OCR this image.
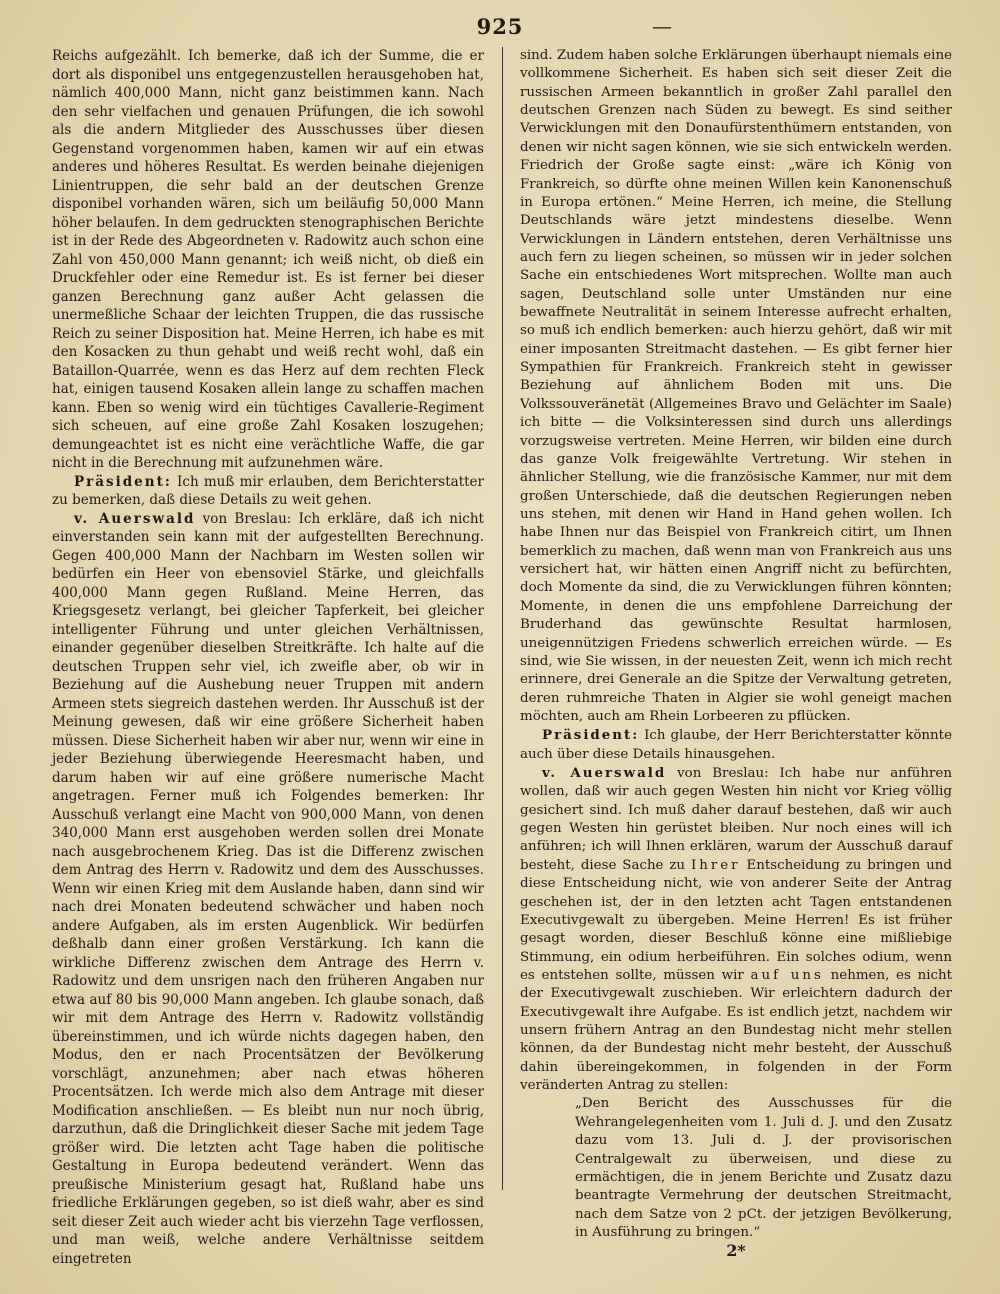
925	—

Reichs aufgezählt. Ich bemerke, daß ich der Summe, die er dort als disponibel uns entgegenzustellen herausgehoben hat, nämlich 400,000 Mann, nicht ganz beistimmen kann. Nach den sehr vielfachen und genauen Prüfungen, die ich sowohl als die andern Mitglieder des Ausschusses über diesen Gegenstand vorgenommen haben, kamen wir auf ein etwas anderes und höheres Resultat. Es werden beinahe diejenigen Linientruppen, die sehr bald an der deutschen Grenze disponibel vorhanden wären, sich um beiläufig 50,000 Mann höher belaufen. In dem gedruckten stenographischen Berichte ist in der Rede des Abgeordneten v. Radowitz auch schon eine Zahl von 450,000 Mann genannt; ich weiß nicht, ob dieß ein Druckfehler oder eine Remedur ist. Es ist ferner bei dieser ganzen Berechnung ganz außer Acht gelassen die unermeßliche Schaar der leichten Truppen, die das russische Reich zu seiner Disposition hat. Meine Herren, ich habe es mit den Kosacken zu thun gehabt und weiß recht wohl, daß ein Bataillon-Quarrée, wenn es das Herz auf dem rechten Fleck hat, einigen tausend Kosaken allein lange zu schaffen machen kann. Eben so wenig wird ein tüchtiges Cavallerie-Regiment sich scheuen, auf eine große Zahl Kosaken loszugehen; demungeachtet ist es nicht eine verächtliche Waffe, die gar nicht in die Berechnung mit aufzunehmen wäre.

Präsident: Ich muß mir erlauben, dem Berichterstatter zu bemerken, daß diese Details zu weit gehen.

v. Auerswald von Breslau: Ich erkläre, daß ich nicht einverstanden sein kann mit der aufgestellten Berechnung. Gegen 400,000 Mann der Nachbarn im Westen sollen wir bedürfen ein Heer von ebensoviel Stärke, und gleichfalls 400,000 Mann gegen Rußland. Meine Herren, das Kriegsgesetz verlangt, bei gleicher Tapferkeit, bei gleicher intelligenter Führung und unter gleichen Verhältnissen, einander gegenüber dieselben Streitkräfte. Ich halte auf die deutschen Truppen sehr viel, ich zweifle aber, ob wir in Beziehung auf die Aushebung neuer Truppen mit andern Armeen stets siegreich dastehen werden. Ihr Ausschuß ist der Meinung gewesen, daß wir eine größere Sicherheit haben müssen. Diese Sicherheit haben wir aber nur, wenn wir eine in jeder Beziehung überwiegende Heeresmacht haben, und darum haben wir auf eine größere numerische Macht angetragen. Ferner muß ich Folgendes bemerken: Ihr Ausschuß verlangt eine Macht von 900,000 Mann, von denen 340,000 Mann erst ausgehoben werden sollen drei Monate nach ausgebrochenem Krieg. Das ist die Differenz zwischen dem Antrag des Herrn v. Radowitz und dem des Ausschusses. Wenn wir einen Krieg mit dem Auslande haben, dann sind wir nach drei Monaten bedeutend schwächer und haben noch andere Aufgaben, als im ersten Augenblick. Wir bedürfen deßhalb dann einer großen Verstärkung. Ich kann die wirkliche Differenz zwischen dem Antrage des Herrn v. Radowitz und dem unsrigen nach den früheren Angaben nur etwa auf 80 bis 90,000 Mann angeben. Ich glaube sonach, daß wir mit dem Antrage des Herrn v. Radowitz vollständig übereinstimmen, und ich würde nichts dagegen haben, den Modus, den er nach Procentsätzen der Bevölkerung vorschlägt, anzunehmen; aber nach etwas höheren Procentsätzen. Ich werde mich also dem Antrage mit dieser Modification anschließen. — Es bleibt nun nur noch übrig, darzuthun, daß die Dringlichkeit dieser Sache mit jedem Tage größer wird. Die letzten acht Tage haben die politische Gestaltung in Europa bedeutend verändert. Wenn das preußische Ministerium gesagt hat, Rußland habe uns friedliche Erklärungen gegeben, so ist dieß wahr, aber es sind seit dieser Zeit auch wieder acht bis vierzehn Tage verflossen, und man weiß, welche andere Verhältnisse seitdem eingetreten

sind. Zudem haben solche Erklärungen überhaupt niemals eine vollkommene Sicherheit. Es haben sich seit dieser Zeit die russischen Armeen bekanntlich in großer Zahl parallel den deutschen Grenzen nach Süden zu bewegt. Es sind seither Verwicklungen mit den Donaufürstenthümern entstanden, von denen wir nicht sagen können, wie sie sich entwickeln werden. Friedrich der Große sagte einst: „wäre ich König von Frankreich, so dürfte ohne meinen Willen kein Kanonenschuß in Europa ertönen.“ Meine Herren, ich meine, die Stellung Deutschlands wäre jetzt mindestens dieselbe. Wenn Verwicklungen in Ländern entstehen, deren Verhältnisse uns auch fern zu liegen scheinen, so müssen wir in jeder solchen Sache ein entschiedenes Wort mitsprechen. Wollte man auch sagen, Deutschland solle unter Umständen nur eine bewaffnete Neutralität in seinem Interesse aufrecht erhalten, so muß ich endlich bemerken: auch hierzu gehört, daß wir mit einer imposanten Streitmacht dastehen. — Es gibt ferner hier Sympathien für Frankreich. Frankreich steht in gewisser Beziehung auf ähnlichem Boden mit uns. Die Volkssouveränetät (Allgemeines Bravo und Gelächter im Saale) ich bitte — die Volksinteressen sind durch uns allerdings vorzugsweise vertreten. Meine Herren, wir bilden eine durch das ganze Volk freigewählte Vertretung. Wir stehen in ähnlicher Stellung, wie die französische Kammer, nur mit dem großen Unterschiede, daß die deutschen Regierungen neben uns stehen, mit denen wir Hand in Hand gehen wollen. Ich habe Ihnen nur das Beispiel von Frankreich citirt, um Ihnen bemerklich zu machen, daß wenn man von Frankreich aus uns versichert hat, wir hätten einen Angriff nicht zu befürchten, doch Momente da sind, die zu Verwicklungen führen könnten; Momente, in denen die uns empfohlene Darreichung der Bruderhand das gewünschte Resultat harmlosen, uneigennützigen Friedens schwerlich erreichen würde. — Es sind, wie Sie wissen, in der neuesten Zeit, wenn ich mich recht erinnere, drei Generale an die Spitze der Verwaltung getreten, deren ruhmreiche Thaten in Algier sie wohl geneigt machen möchten, auch am Rhein Lorbeeren zu pflücken.

Präsident: Ich glaube, der Herr Berichterstatter könnte auch über diese Details hinausgehen.

v. Auerswald von Breslau: Ich habe nur anführen wollen, daß wir auch gegen Westen hin nicht vor Krieg völlig gesichert sind. Ich muß daher darauf bestehen, daß wir auch gegen Westen hin gerüstet bleiben. Nur noch eines will ich anführen; ich will Ihnen erklären, warum der Ausschuß darauf besteht, diese Sache zu Ihrer Entscheidung zu bringen und diese Entscheidung nicht, wie von anderer Seite der Antrag geschehen ist, der in den letzten acht Tagen entstandenen Executivgewalt zu übergeben. Meine Herren! Es ist früher gesagt worden, dieser Beschluß könne eine mißliebige Stimmung, ein odium herbeiführen. Ein solches odium, wenn es entstehen sollte, müssen wir auf uns nehmen, es nicht der Executivgewalt zuschieben. Wir erleichtern dadurch der Executivgewalt ihre Aufgabe. Es ist endlich jetzt, nachdem wir unsern frühern Antrag an den Bundestag nicht mehr stellen können, da der Bundestag nicht mehr besteht, der Ausschuß dahin übereingekommen, in folgenden in der Form veränderten Antrag zu stellen:

„Den Bericht des Ausschusses für die Wehrangelegenheiten vom 1. Juli d. J. und den Zusatz dazu vom 13. Juli d. J. der provisorischen Centralgewalt zu überweisen, und diese zu ermächtigen, die in jenem Berichte und Zusatz dazu beantragte Vermehrung der deutschen Streitmacht, nach dem Satze von 2 pCt. der jetzigen Bevölkerung, in Ausführung zu bringen.“

2*
